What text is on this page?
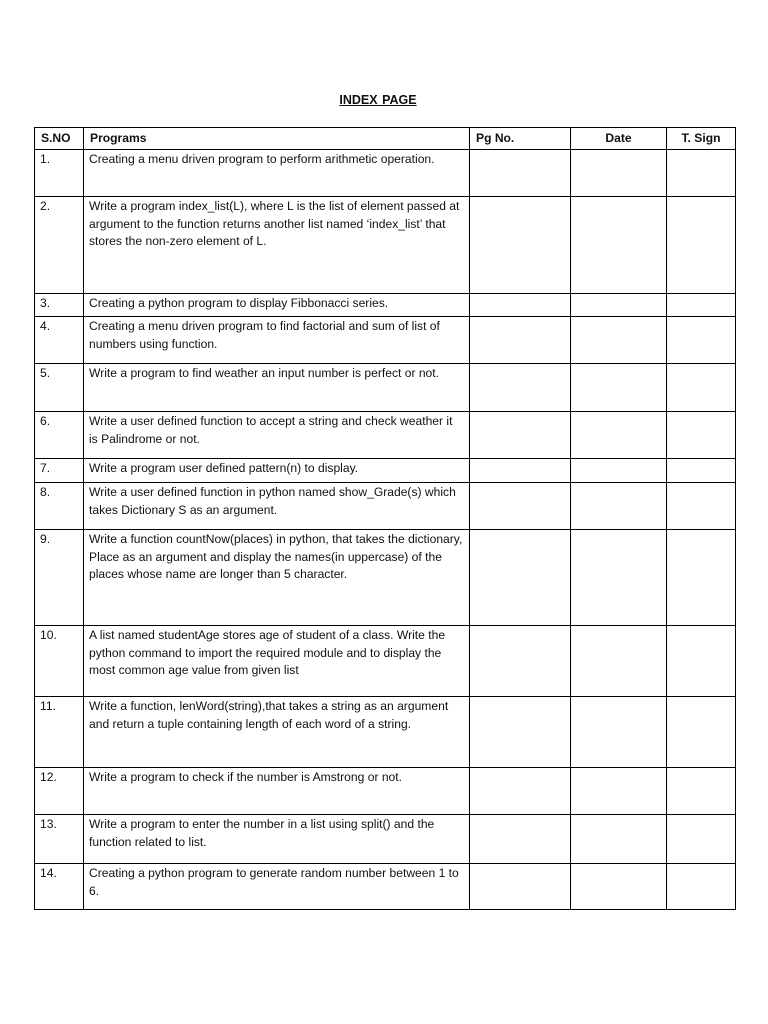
INDEX PAGE
S.NO	Programs	Pg No.	Date	T. Sign
1.	Creating a menu driven program to perform arithmetic operation.			
2.	Write a program index_list(L), where L is the list of element passed at argument to the function returns another list named ‘index_list’ that stores the non-zero element of L.			
3.	Creating a python program to display Fibbonacci series.			
4.	Creating a menu driven program to find factorial and sum of list of numbers using function.			
5.	Write a program to find weather an input number is perfect or not.			
6.	Write a user defined function to accept a string and check weather it is Palindrome or not.			
7.	Write a program user defined pattern(n) to display.			
8.	Write a user defined function in python named show_Grade(s) which takes Dictionary S as an argument.			
9.	Write a function countNow(places) in python, that takes the dictionary, Place as an argument and display the names(in uppercase) of the places whose name are longer than 5 character.			
10.	A list named studentAge stores age of student of a class. Write the python command to import the required module and to display the most common age value from given list			
11.	Write a function, lenWord(string),that takes a string as an argument and return a tuple containing length of each word of a string.			
12.	Write a program to check if the number is Amstrong or not.			
13.	Write a program to enter the number in a list using split() and the function related to list.			
14.	Creating a python program to generate random number between 1 to 6.			
